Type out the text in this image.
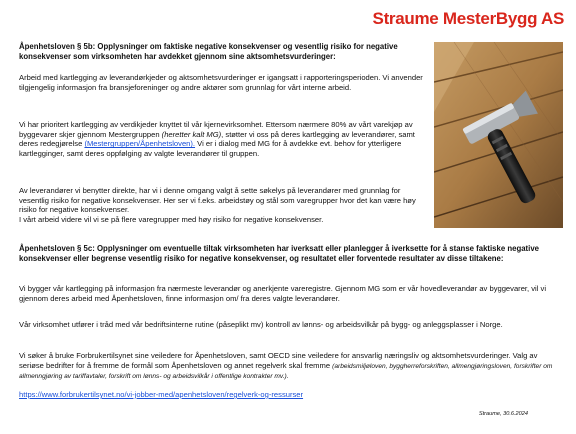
Straume MesterBygg AS
Åpenhetsloven § 5b: Opplysninger om faktiske negative konsekvenser og vesentlig risiko for negative konsekvenser som virksomheten har avdekket gjennom sine aktsomhetsvurderinger:
Arbeid med kartlegging av leverandørkjeder og aktsomhetsvurderinger er igangsatt i rapporteringsperioden. Vi anvender tilgjengelig informasjon fra bransjeforeninger og andre aktører som grunnlag for vårt interne arbeid.
Vi har prioritert kartlegging av verdikjeder knyttet til vår kjernevirksomhet. Ettersom nærmere 80% av vårt varekjøp av byggevarer skjer gjennom Mestergruppen (heretter kalt MG), støtter vi oss på deres kartlegging av leverandører, samt deres redegjørelse (Mestergruppen/Åpenhetsloven). Vi er i dialog med MG for å avdekke evt. behov for ytterligere kartlegginger, samt deres oppfølging av valgte leverandører til gruppen.
Av leverandører vi benytter direkte, har vi i denne omgang valgt å sette søkelys på leverandører med grunnlag for vesentlig risiko for negative konsekvenser. Her ser vi f.eks. arbeidstøy og stål som varegrupper hvor det kan være høy risiko for negative konsekvenser.
I vårt arbeid videre vil vi se på flere varegrupper med høy risiko for negative konsekvenser.
Åpenhetsloven § 5c: Opplysninger om eventuelle tiltak virksomheten har iverksatt eller planlegger å iverksette for å stanse faktiske negative konsekvenser eller begrense vesentlig risiko for negative konsekvenser, og resultatet eller forventede resultater av disse tiltakene:
Vi bygger vår kartlegging på informasjon fra nærmeste leverandør og anerkjente vareregistre. Gjennom MG som er vår hovedleverandør av byggevarer, vil vi gjennom deres arbeid med Åpenhetsloven, finne informasjon om/ fra deres valgte leverandører.
Vår virksomhet utfører i tråd med vår bedriftsinterne rutine (påseplikt mv) kontroll av lønns- og arbeidsvilkår på bygg- og anleggsplasser i Norge.
Vi søker å bruke Forbrukertilsynet sine veiledere for Åpenhetsloven, samt OECD sine veiledere for ansvarlig næringsliv og aktsomhetsvurderinger. Valg av seriøse bedrifter for å fremme de formål som Åpenhetsloven og annet regelverk skal fremme (arbeidsmiljøloven, byggherreforskriften, allmengjøringsloven, forskrifter om allmenngjøring av tariffavtaler, forskrift om lønns- og arbeidsvilkår i offentlige kontrakter mv.).
https://www.forbrukertilsynet.no/vi-jobber-med/apenhetsloven/regelverk-og-ressurser
Straume, 30.6.2024
